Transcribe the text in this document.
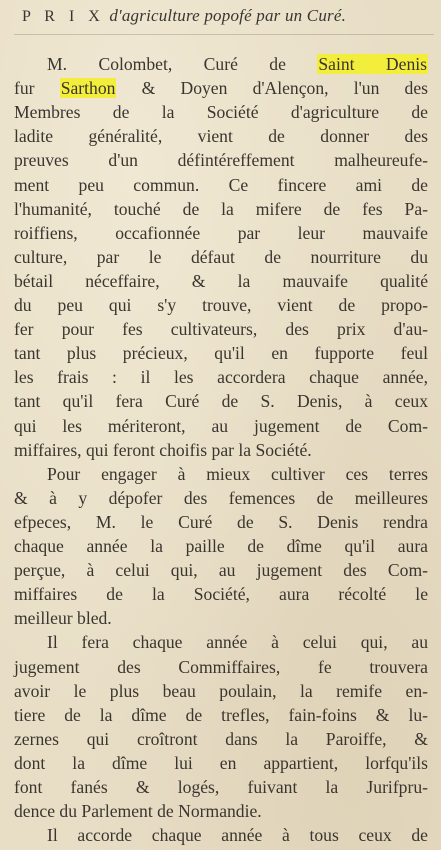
P R I X d'agriculture popofé par un Curé.
M. Colombet, Curé de Saint Denis
fur Sarthon & Doyen d'Alençon, l'un des
Membres de la Société d'agriculture de
ladite généralité, vient de donner des
preuves d'un défintéreffement malheureufe-
ment peu commun. Ce fincere ami de
l'humanité, touché de la mifere de fes Pa-
roiffiens, occafionnée par leur mauvaife
culture, par le défaut de nourriture du
bétail néceffaire, & la mauvaife qualité
du peu qui s'y trouve, vient de propo-
fer pour fes cultivateurs, des prix d'au-
tant plus précieux, qu'il en fupporte feul
les frais : il les accordera chaque année,
tant qu'il fera Curé de S. Denis, à ceux
qui les mériteront, au jugement de Com-
miffaires, qui feront choifis par la Société.
Pour engager à mieux cultiver ces terres
& à y dépofer des femences de meilleures
efpeces, M. le Curé de S. Denis rendra
chaque année la paille de dîme qu'il aura
perçue, à celui qui, au jugement des Com-
miffaires de la Société, aura récolté le
meilleur bled.
Il fera chaque année à celui qui, au
jugement des Commiffaires, fe trouvera
avoir le plus beau poulain, la remife en-
tiere de la dîme de trefles, fain-foins & lu-
zernes qui croîtront dans la Paroiffe, &
dont la dîme lui en appartient, lorfqu'ils
font fanés & logés, fuivant la Jurifpru-
dence du Parlement de Normandie.
Il accorde chaque année à tous ceux de
